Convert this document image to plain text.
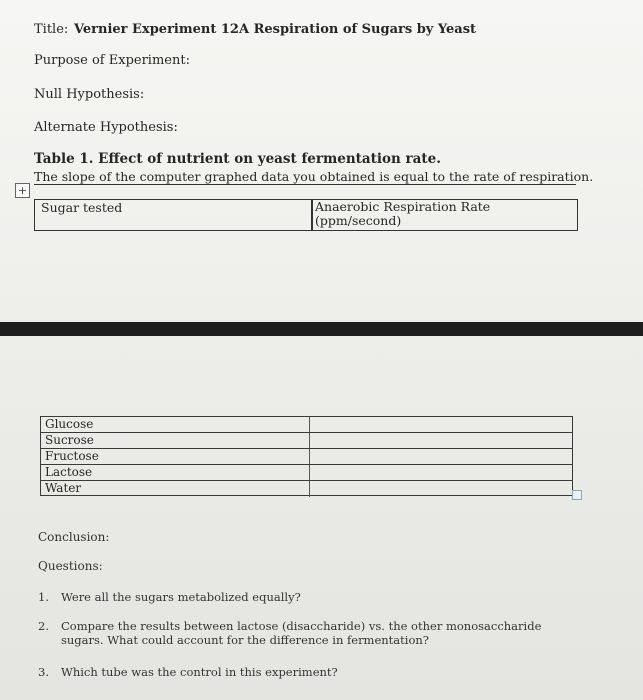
Title: Vernier Experiment 12A Respiration of Sugars by Yeast
Purpose of Experiment:
Null Hypothesis:
Alternate Hypothesis:
Table 1. Effect of nutrient on yeast fermentation rate.
The slope of the computer graphed data you obtained is equal to the rate of respiration.
+
Sugar tested	Anaerobic Respiration Rate
(ppm/second)
Glucose
Sucrose
Fructose
Lactose
Water
Conclusion:
Questions:
1. Were all the sugars metabolized equally?
2. Compare the results between lactose (disaccharide) vs. the other monosaccharide
sugars. What could account for the difference in fermentation?
3. Which tube was the control in this experiment?
